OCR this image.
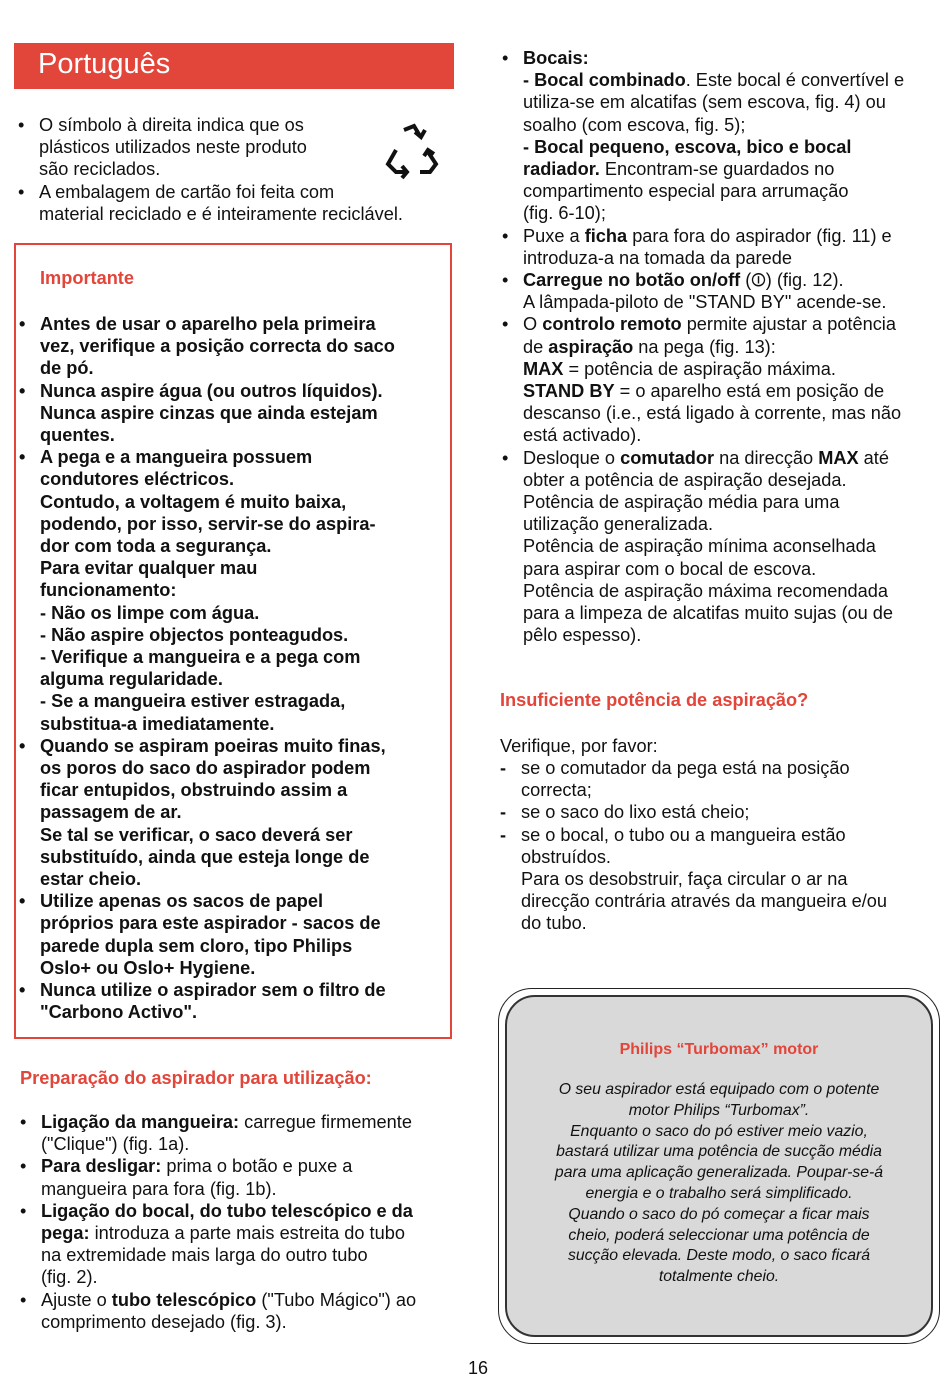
Português
• O símbolo à direita indica que os
plásticos utilizados neste produto
são reciclados.
• A embalagem de cartão foi feita com
material reciclado e é inteiramente reciclável.
Importante
• Antes de usar o aparelho pela primeira
vez, verifique a posição correcta do saco
de pó.
• Nunca aspire água (ou outros líquidos).
Nunca aspire cinzas que ainda estejam
quentes.
• A pega e a mangueira possuem
condutores eléctricos.
Contudo, a voltagem é muito baixa,
podendo, por isso, servir-se do aspira-
dor com toda a segurança.
Para evitar qualquer mau
funcionamento:
- Não os limpe com água.
- Não aspire objectos ponteagudos.
- Verifique a mangueira e a pega com
alguma regularidade.
- Se a mangueira estiver estragada,
substitua-a imediatamente.
• Quando se aspiram poeiras muito finas,
os poros do saco do aspirador podem
ficar entupidos, obstruindo assim a
passagem de ar.
Se tal se verificar, o saco deverá ser
substituído, ainda que esteja longe de
estar cheio.
• Utilize apenas os sacos de papel
próprios para este aspirador - sacos de
parede dupla sem cloro, tipo Philips
Oslo+ ou Oslo+ Hygiene.
• Nunca utilize o aspirador sem o filtro de
"Carbono Activo".
Preparação do aspirador para utilização:
• Ligação da mangueira: carregue firmemente
("Clique") (fig. 1a).
• Para desligar: prima o botão e puxe a
mangueira para fora (fig. 1b).
• Ligação do bocal, do tubo telescópico e da
pega: introduza a parte mais estreita do tubo
na extremidade mais larga do outro tubo
(fig. 2).
• Ajuste o tubo telescópico ("Tubo Mágico") ao
comprimento desejado (fig. 3).
• Bocais:
- Bocal combinado. Este bocal é convertível e
utiliza-se em alcatifas (sem escova, fig. 4) ou
soalho (com escova, fig. 5);
- Bocal pequeno, escova, bico e bocal
radiador. Encontram-se guardados no
compartimento especial para arrumação
(fig. 6-10);
• Puxe a ficha para fora do aspirador (fig. 11) e
introduza-a na tomada da parede
• Carregue no botão on/off (⏼) (fig. 12).
A lâmpada-piloto de "STAND BY" acende-se.
• O controlo remoto permite ajustar a potência
de aspiração na pega (fig. 13):
MAX = potência de aspiração máxima.
STAND BY = o aparelho está em posição de
descanso (i.e., está ligado à corrente, mas não
está activado).
• Desloque o comutador na direcção MAX até

obter a potência de aspiração desejada.
Potência de aspiração média para uma
utilização generalizada.
Potência de aspiração mínima aconselhada
para aspirar com o bocal de escova.
Potência de aspiração máxima recomendada
para a limpeza de alcatifas muito sujas (ou de
pêlo espesso).
Insuficiente potência de aspiração?
Verifique, por favor:
- se o comutador da pega está na posição
correcta;
- se o saco do lixo está cheio;
- se o bocal, o tubo ou a mangueira estão
obstruídos.
Para os desobstruir, faça circular o ar na
direcção contrária através da mangueira e/ou
do tubo.
Philips “Turbomax” motor
O seu aspirador está equipado com o potente
motor Philips “Turbomax”.
Enquanto o saco do pó estiver meio vazio,
bastará utilizar uma potência de sucção média
para uma aplicação generalizada. Poupar-se-á
energia e o trabalho será simplificado.
Quando o saco do pó começar a ficar mais
cheio, poderá seleccionar uma potência de
sucção elevada. Deste modo, o saco ficará
totalmente cheio.
16
